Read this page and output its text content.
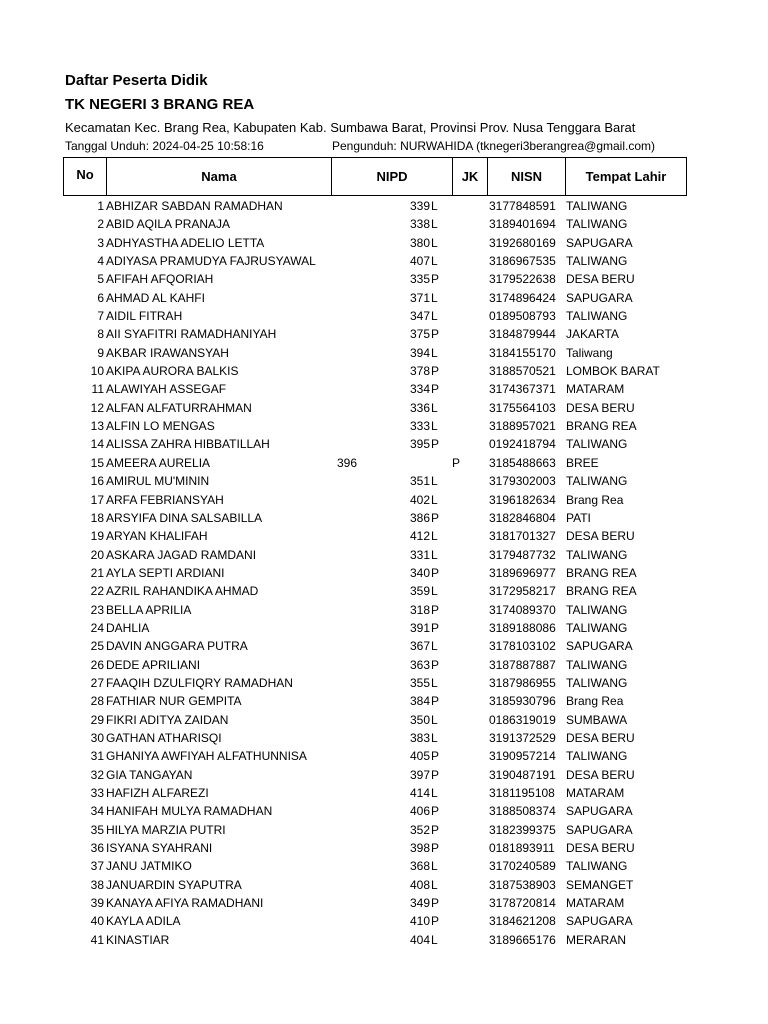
Daftar Peserta Didik
TK NEGERI 3 BRANG REA
Kecamatan Kec. Brang Rea, Kabupaten Kab. Sumbawa Barat, Provinsi Prov. Nusa Tenggara Barat
Tanggal Unduh: 2024-04-25 10:58:16	Pengunduh: NURWAHIDA (tknegeri3berangrea@gmail.com)
No	Nama	NIPD	JK	NISN	Tempat Lahir
1 ABHIZAR SABDAN RAMADHAN	339 L	3177848591 TALIWANG
2 ABID AQILA PRANAJA	338 L	3189401694 TALIWANG
3 ADHYASTHA ADELIO LETTA	380 L	3192680169 SAPUGARA
4 ADIYASA PRAMUDYA FAJRUSYAWAL	407 L	3186967535 TALIWANG
5 AFIFAH AFQORIAH	335 P	3179522638 DESA BERU
6 AHMAD AL KAHFI	371 L	3174896424 SAPUGARA
7 AIDIL FITRAH	347 L	0189508793 TALIWANG
8 AII SYAFITRI RAMADHANIYAH	375 P	3184879944 JAKARTA
9 AKBAR IRAWANSYAH	394 L	3184155170 Taliwang
10 AKIPA AURORA BALKIS	378 P	3188570521 LOMBOK BARAT
11 ALAWIYAH ASSEGAF	334 P	3174367371 MATARAM
12 ALFAN ALFATURRAHMAN	336 L	3175564103 DESA BERU
13 ALFIN LO MENGAS	333 L	3188957021 BRANG REA
14 ALISSA ZAHRA HIBBATILLAH	395 P	0192418794 TALIWANG
15 AMEERA AURELIA	396	P 3185488663 BREE
16 AMIRUL MU'MININ	351 L	3179302003 TALIWANG
17 ARFA FEBRIANSYAH	402 L	3196182634 Brang Rea
18 ARSYIFA DINA SALSABILLA	386 P	3182846804 PATI
19 ARYAN KHALIFAH	412 L	3181701327 DESA BERU
20 ASKARA JAGAD RAMDANI	331 L	3179487732 TALIWANG
21 AYLA SEPTI ARDIANI	340 P	3189696977 BRANG REA
22 AZRIL RAHANDIKA AHMAD	359 L	3172958217 BRANG REA
23 BELLA APRILIA	318 P	3174089370 TALIWANG
24 DAHLIA	391 P	3189188086 TALIWANG
25 DAVIN ANGGARA PUTRA	367 L	3178103102 SAPUGARA
26 DEDE APRILIANI	363 P	3187887887 TALIWANG
27 FAAQIH DZULFIQRY RAMADHAN	355 L	3187986955 TALIWANG
28 FATHIAR NUR GEMPITA	384 P	3185930796 Brang Rea
29 FIKRI ADITYA ZAIDAN	350 L	0186319019 SUMBAWA
30 GATHAN ATHARISQI	383 L	3191372529 DESA BERU
31 GHANIYA AWFIYAH ALFATHUNNISA	405 P	3190957214 TALIWANG
32 GIA TANGAYAN	397 P	3190487191 DESA BERU
33 HAFIZH ALFAREZI	414 L	3181195108 MATARAM
34 HANIFAH MULYA RAMADHAN	406 P	3188508374 SAPUGARA
35 HILYA MARZIA PUTRI	352 P	3182399375 SAPUGARA
36 ISYANA SYAHRANI	398 P	0181893911 DESA BERU
37 JANU JATMIKO	368 L	3170240589 TALIWANG
38 JANUARDIN SYAPUTRA	408 L	3187538903 SEMANGET
39 KANAYA AFIYA RAMADHANI	349 P	3178720814 MATARAM
40 KAYLA ADILA	410 P	3184621208 SAPUGARA
41 KINASTIAR	404 L	3189665176 MERARAN
